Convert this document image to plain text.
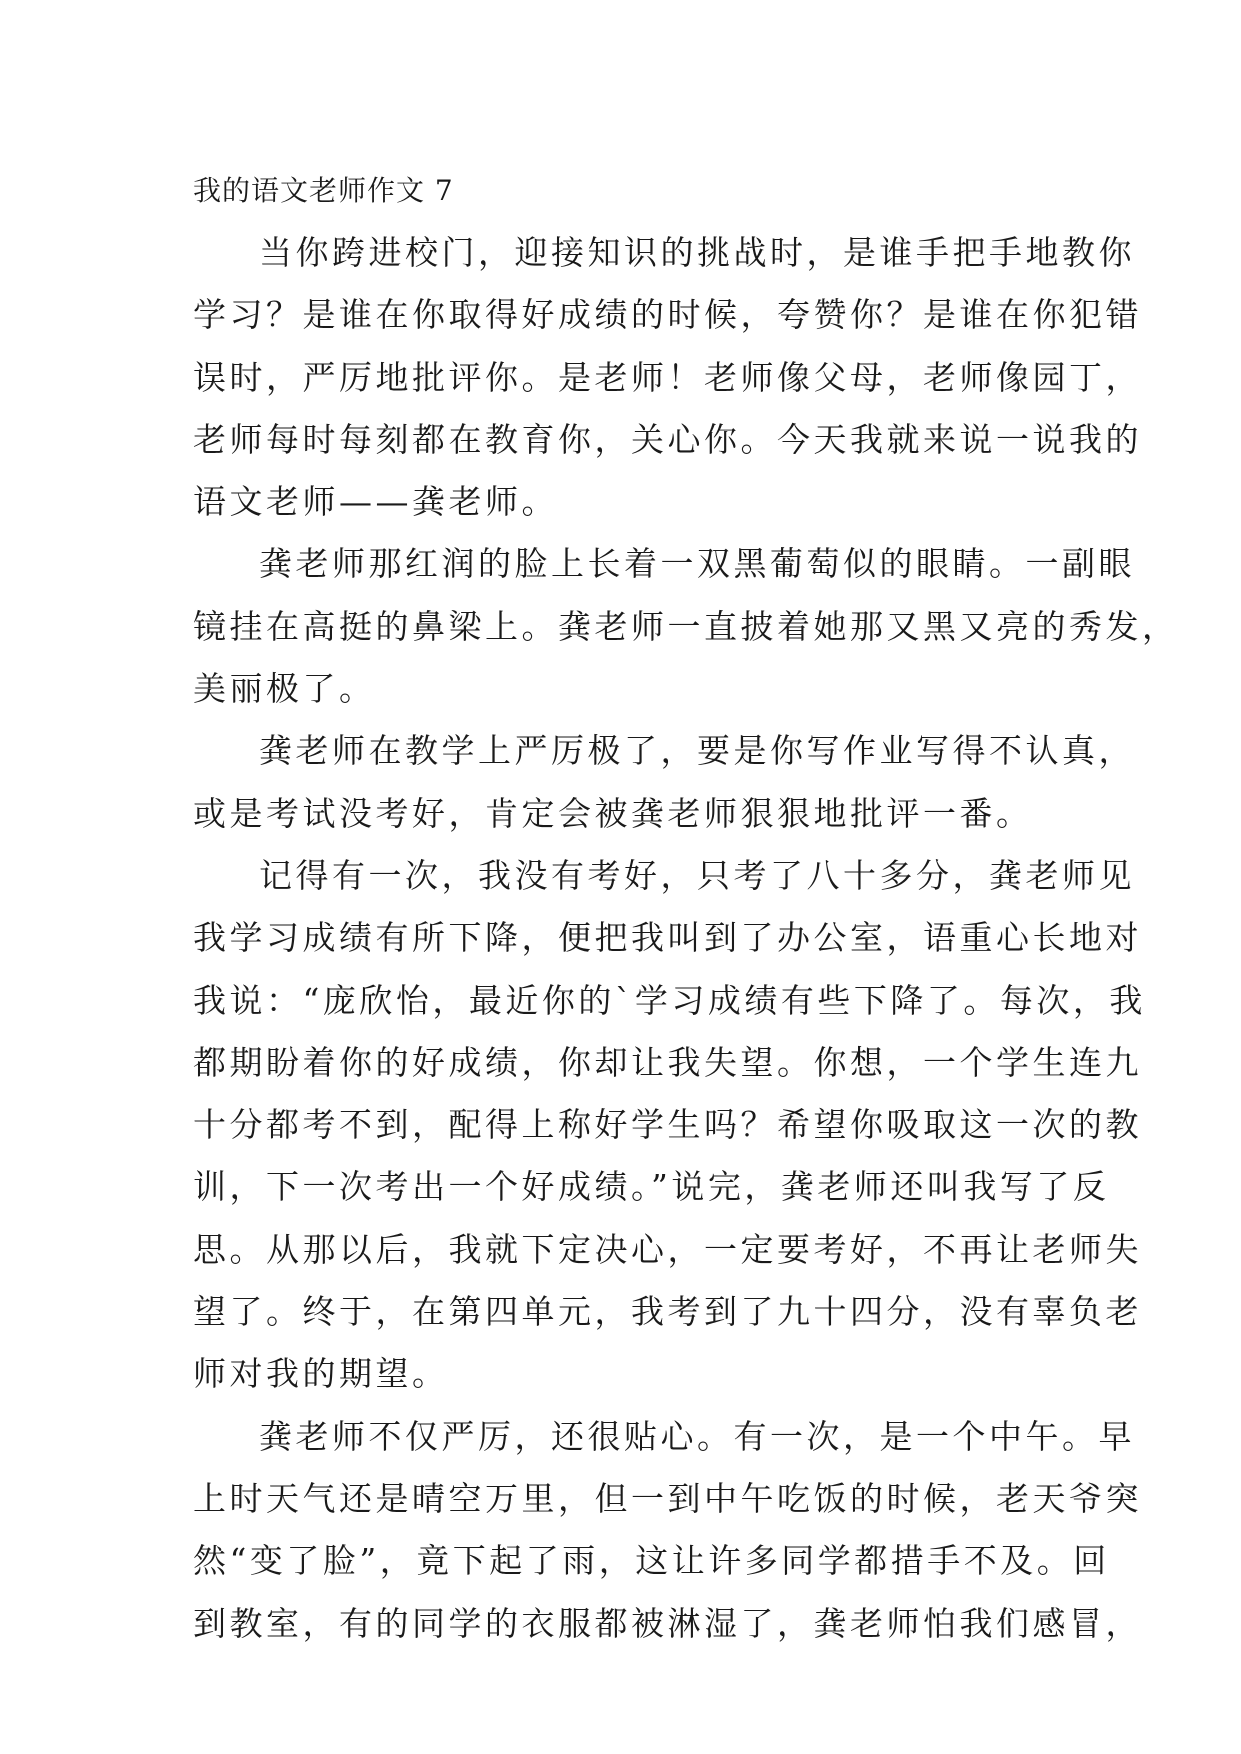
我的语文老师作文 7

当你跨进校门，迎接知识的挑战时，是谁手把手地教你
学习？是谁在你取得好成绩的时候，夸赞你？是谁在你犯错
误时，严厉地批评你。是老师！老师像父母，老师像园丁，
老师每时每刻都在教育你，关心你。今天我就来说一说我的
语文老师——龚老师。

龚老师那红润的脸上长着一双黑葡萄似的眼睛。一副眼
镜挂在高挺的鼻梁上。龚老师一直披着她那又黑又亮的秀发，
美丽极了。

龚老师在教学上严厉极了，要是你写作业写得不认真，
或是考试没考好，肯定会被龚老师狠狠地批评一番。

记得有一次，我没有考好，只考了八十多分，龚老师见
我学习成绩有所下降，便把我叫到了办公室，语重心长地对
我说：“庞欣怡，最近你的`学习成绩有些下降了。每次，我
都期盼着你的好成绩，你却让我失望。你想，一个学生连九
十分都考不到，配得上称好学生吗？希望你吸取这一次的教
训，下一次考出一个好成绩。”说完，龚老师还叫我写了反
思。从那以后，我就下定决心，一定要考好，不再让老师失
望了。终于，在第四单元，我考到了九十四分，没有辜负老
师对我的期望。

龚老师不仅严厉，还很贴心。有一次，是一个中午。早
上时天气还是晴空万里，但一到中午吃饭的时候，老天爷突
然“变了脸”，竟下起了雨，这让许多同学都措手不及。回
到教室，有的同学的衣服都被淋湿了，龚老师怕我们感冒，
